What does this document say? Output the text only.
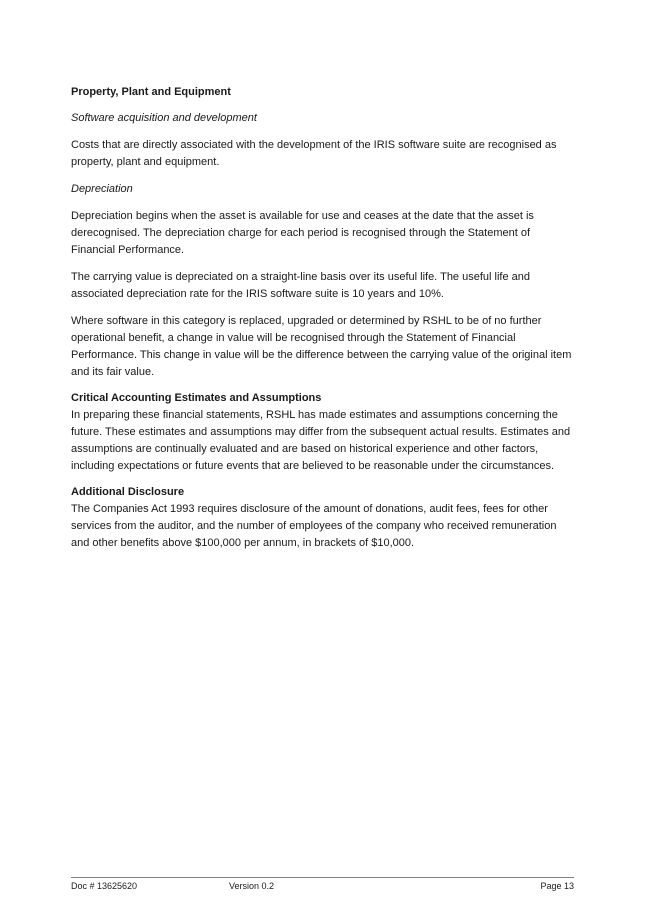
Property, Plant and Equipment

Software acquisition and development

Costs that are directly associated with the development of the IRIS software suite are recognised as property, plant and equipment.

Depreciation

Depreciation begins when the asset is available for use and ceases at the date that the asset is derecognised. The depreciation charge for each period is recognised through the Statement of Financial Performance.

The carrying value is depreciated on a straight-line basis over its useful life. The useful life and associated depreciation rate for the IRIS software suite is 10 years and 10%.

Where software in this category is replaced, upgraded or determined by RSHL to be of no further operational benefit, a change in value will be recognised through the Statement of Financial Performance. This change in value will be the difference between the carrying value of the original item and its fair value.

Critical Accounting Estimates and Assumptions

In preparing these financial statements, RSHL has made estimates and assumptions concerning the future. These estimates and assumptions may differ from the subsequent actual results. Estimates and assumptions are continually evaluated and are based on historical experience and other factors, including expectations or future events that are believed to be reasonable under the circumstances.

Additional Disclosure

The Companies Act 1993 requires disclosure of the amount of donations, audit fees, fees for other services from the auditor, and the number of employees of the company who received remuneration and other benefits above $100,000 per annum, in brackets of $10,000.

Doc # 13625620	Version 0.2	Page 13
